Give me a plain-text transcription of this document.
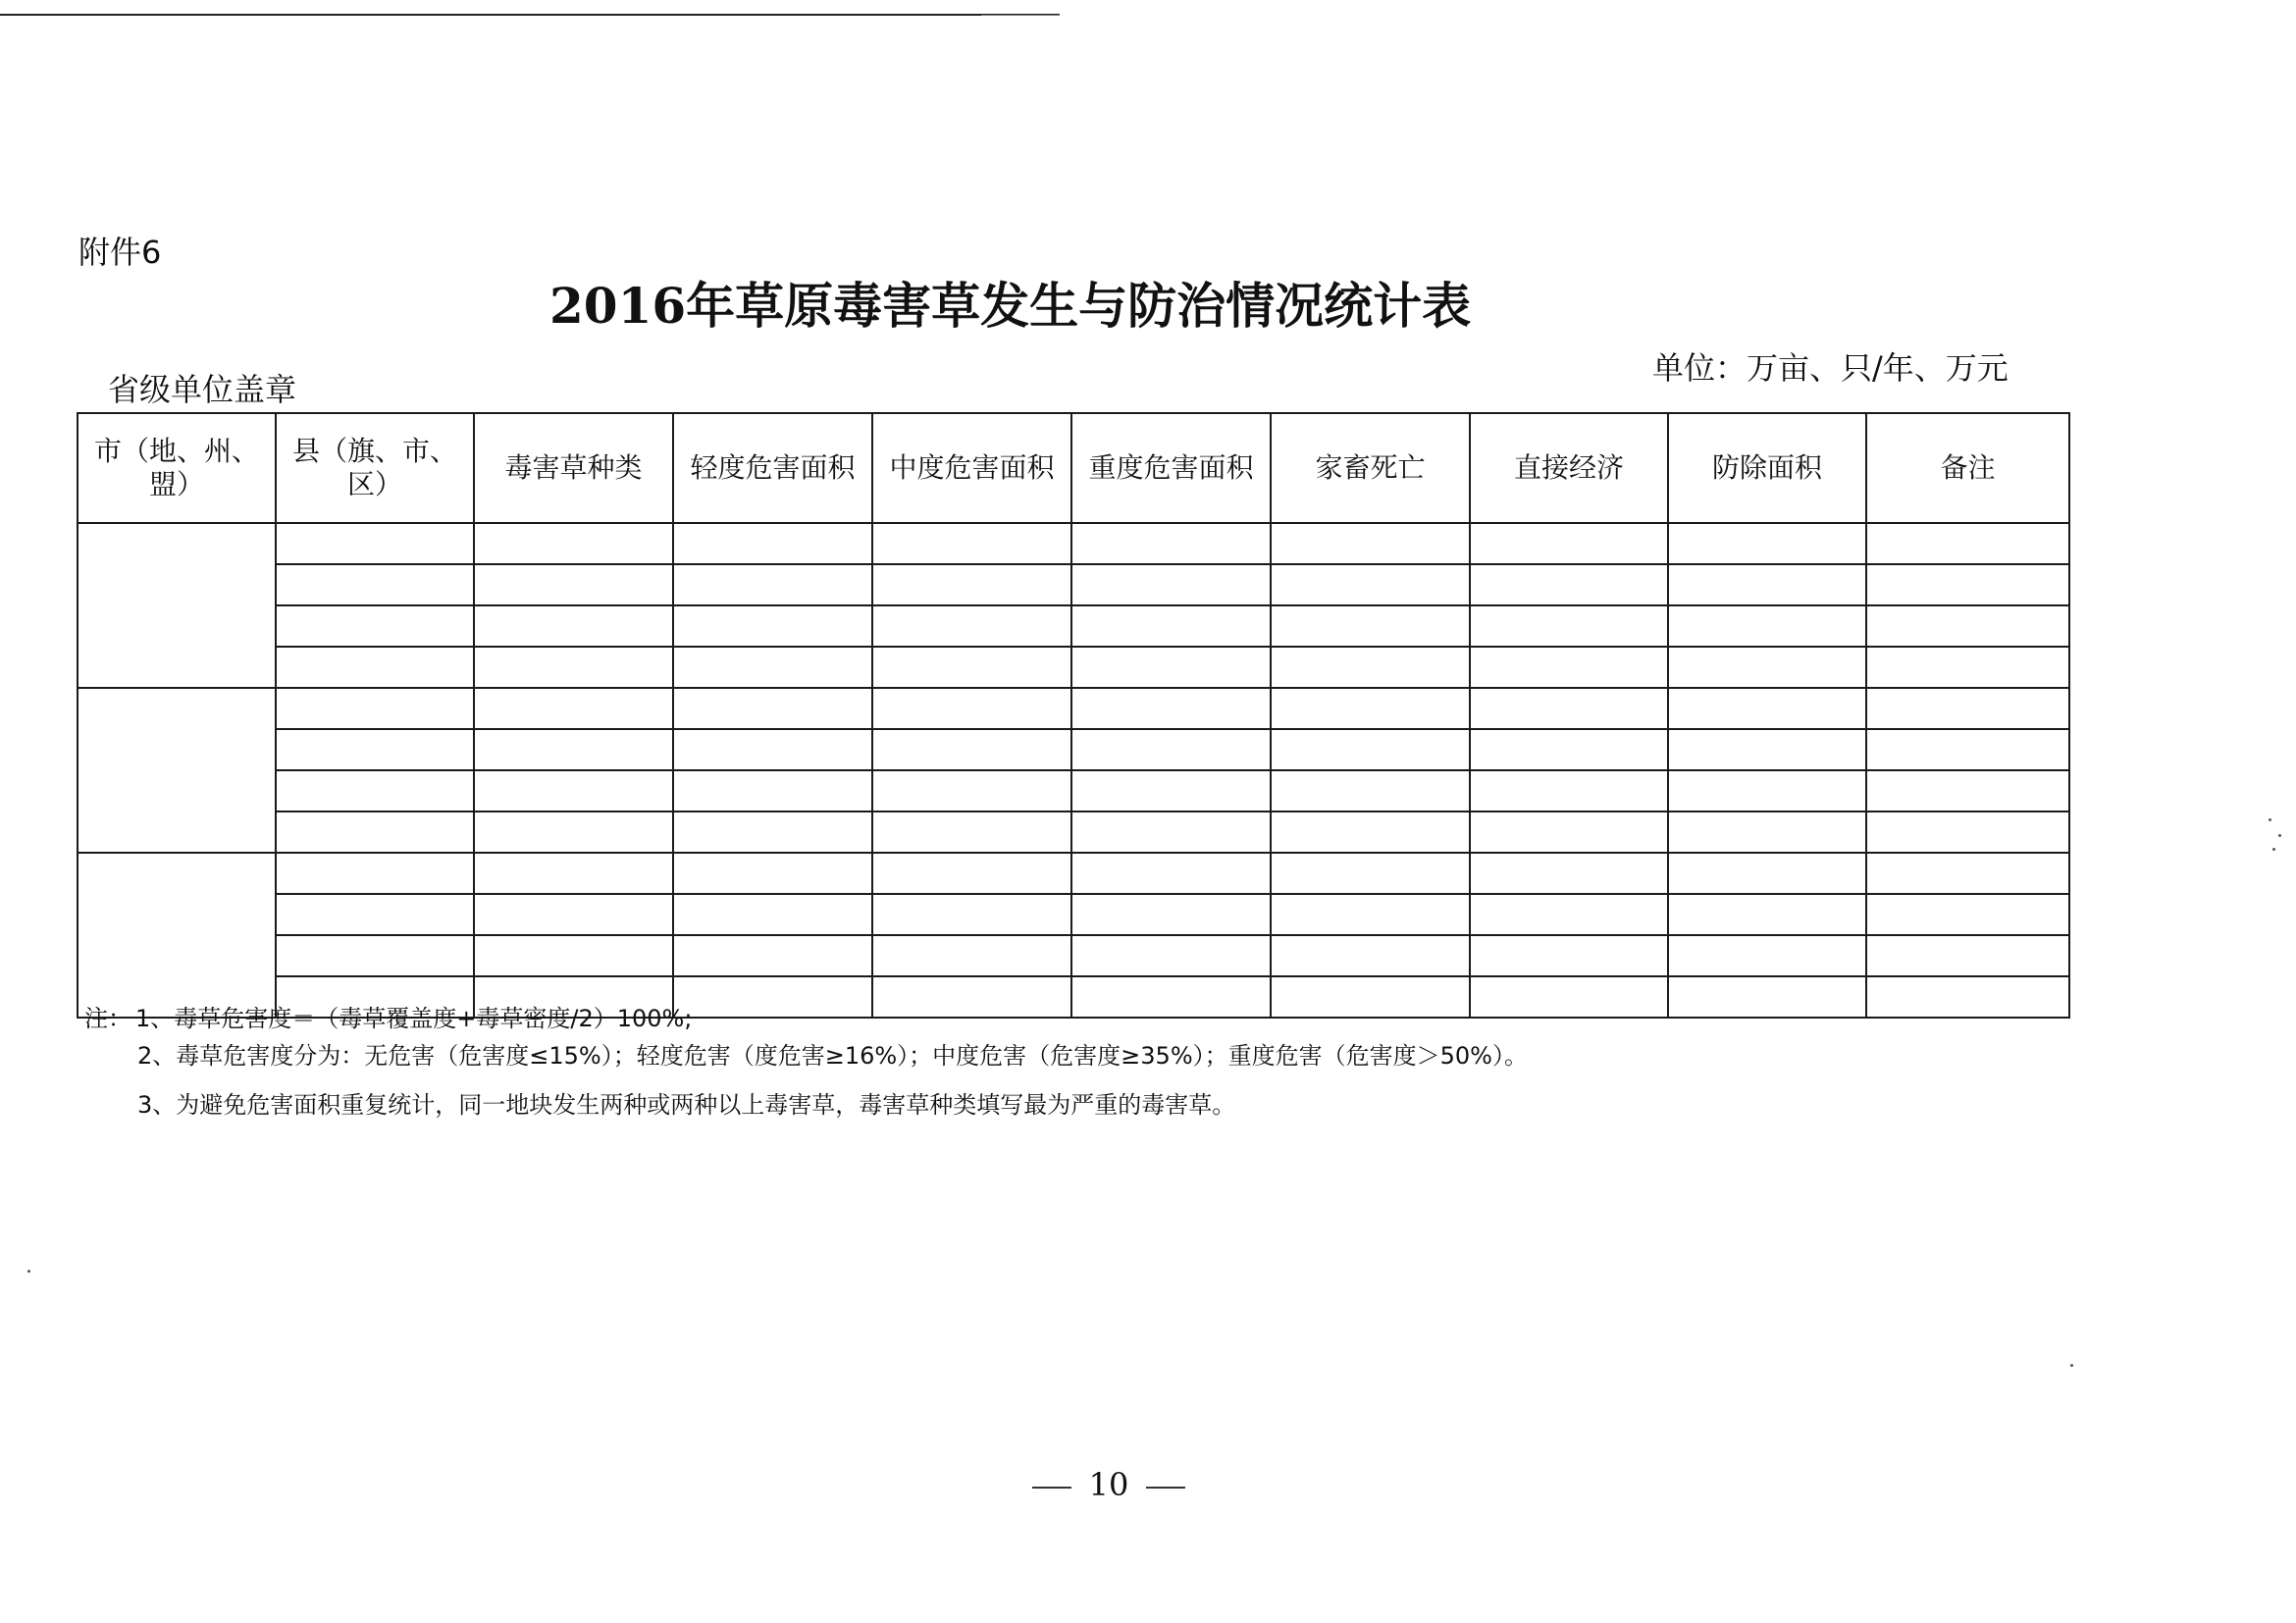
附件6
2016年草原毒害草发生与防治情况统计表
省级单位盖章
单位：万亩、只/年、万元
市（地、州、盟）	县（旗、市、区）	毒害草种类	轻度危害面积	中度危害面积	重度危害面积	家畜死亡	直接经济	防除面积	备注

注： 1、毒草危害度＝（毒草覆盖度+毒草密度/2）100%;
2、毒草危害度分为：无危害（危害度≤15%）；轻度危害（度危害≥16%）；中度危害（危害度≥35%）；重度危害（危害度＞50%）。
3、为避免危害面积重复统计，同一地块发生两种或两种以上毒害草，毒害草种类填写最为严重的毒害草。
10
